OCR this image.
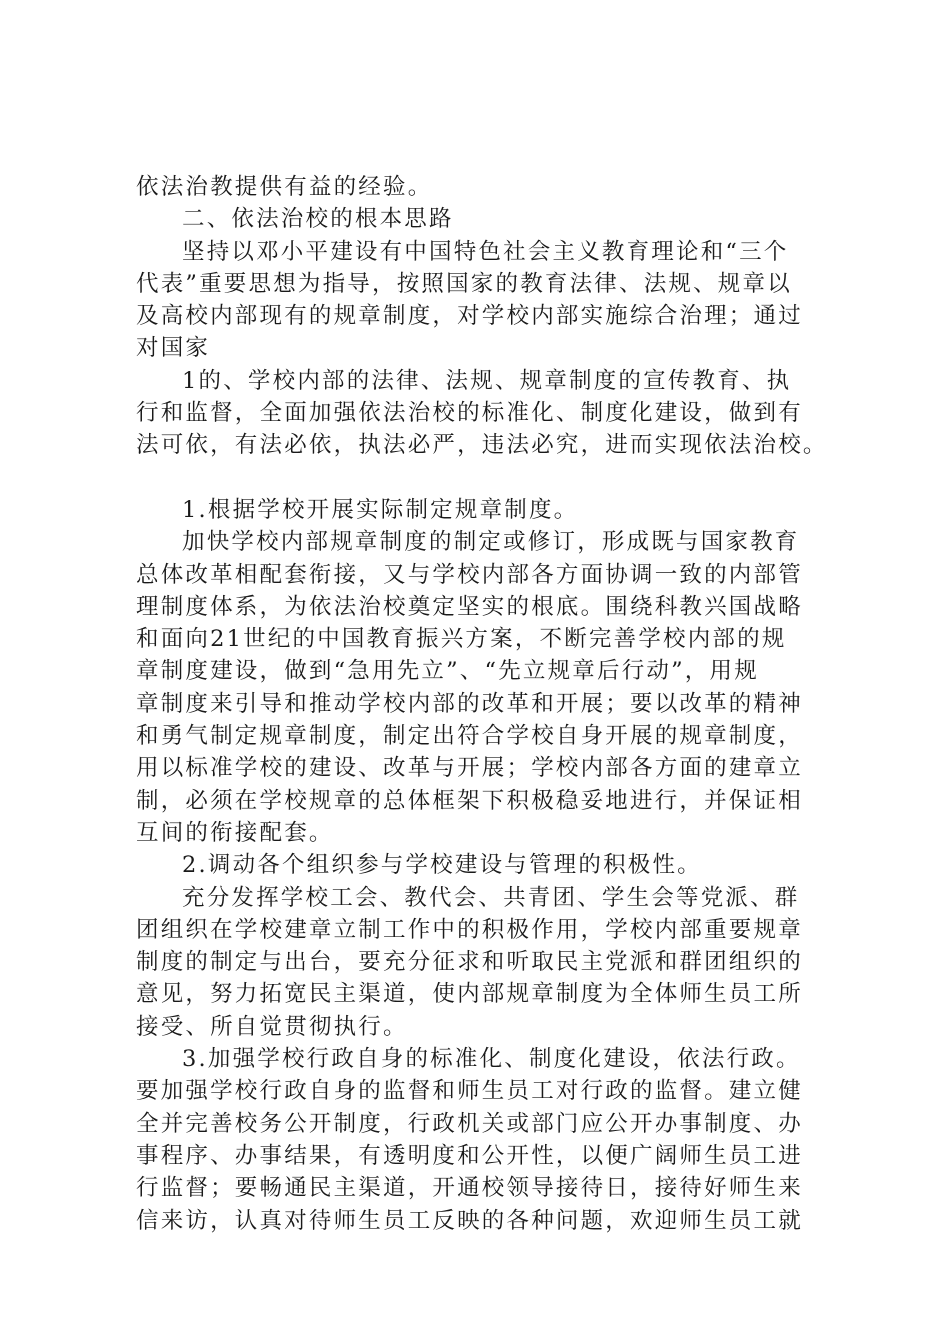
依法治教提供有益的经验。
二、依法治校的根本思路
坚持以邓小平建设有中国特色社会主义教育理论和“三个
代表”重要思想为指导，按照国家的教育法律、法规、规章以
及高校内部现有的规章制度，对学校内部实施综合治理；通过
对国家
1的、学校内部的法律、法规、规章制度的宣传教育、执
行和监督，全面加强依法治校的标准化、制度化建设，做到有
法可依，有法必依，执法必严，违法必究，进而实现依法治校。
1.根据学校开展实际制定规章制度。
加快学校内部规章制度的制定或修订，形成既与国家教育
总体改革相配套衔接，又与学校内部各方面协调一致的内部管
理制度体系，为依法治校奠定坚实的根底。围绕科教兴国战略
和面向21世纪的中国教育振兴方案，不断完善学校内部的规
章制度建设，做到“急用先立”、“先立规章后行动”，用规
章制度来引导和推动学校内部的改革和开展；要以改革的精神
和勇气制定规章制度，制定出符合学校自身开展的规章制度，
用以标准学校的建设、改革与开展；学校内部各方面的建章立
制，必须在学校规章的总体框架下积极稳妥地进行，并保证相
互间的衔接配套。
2.调动各个组织参与学校建设与管理的积极性。
充分发挥学校工会、教代会、共青团、学生会等党派、群
团组织在学校建章立制工作中的积极作用，学校内部重要规章
制度的制定与出台，要充分征求和听取民主党派和群团组织的
意见，努力拓宽民主渠道，使内部规章制度为全体师生员工所
接受、所自觉贯彻执行。
3.加强学校行政自身的标准化、制度化建设，依法行政。
要加强学校行政自身的监督和师生员工对行政的监督。建立健
全并完善校务公开制度，行政机关或部门应公开办事制度、办
事程序、办事结果，有透明度和公开性，以便广阔师生员工进
行监督；要畅通民主渠道，开通校领导接待日，接待好师生来
信来访，认真对待师生员工反映的各种问题，欢迎师生员工就
